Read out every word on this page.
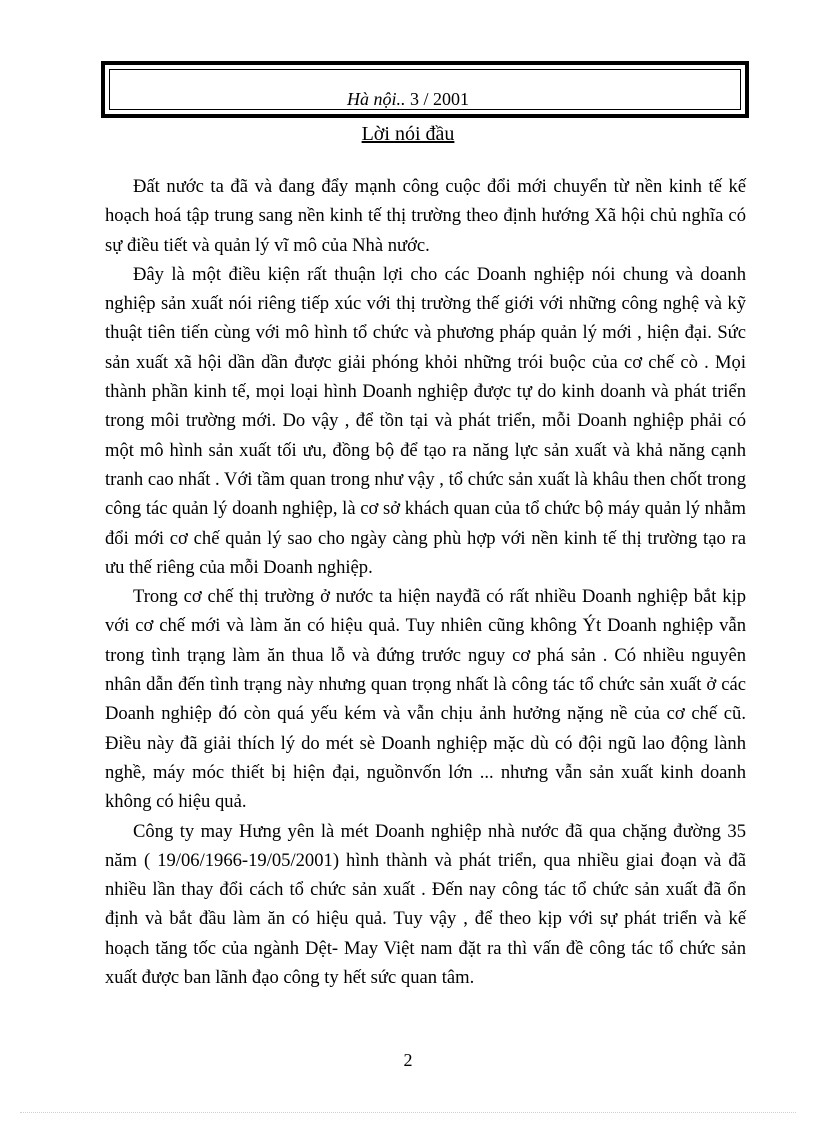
Hà nội.. 3 / 2001
Lời nói đầu

Đất nước ta đã và đang đẩy mạnh công cuộc đổi mới chuyển từ nền kinh tế kế hoạch hoá tập trung sang nền kinh tế thị trường theo định hướng Xã hội chủ nghĩa có sự điều tiết và quản lý vĩ mô của Nhà nước.

Đây là một điều kiện rất thuận lợi cho các Doanh nghiệp nói chung và doanh nghiệp sản xuất nói riêng tiếp xúc với thị trường thế giới với những công nghệ và kỹ thuật tiên tiến cùng với mô hình tổ chức và phương pháp quản lý mới , hiện đại. Sức sản xuất xã hội dần dần được giải phóng khỏi những trói buộc của cơ chế cò . Mọi thành phần kinh tế, mọi loại hình Doanh nghiệp được tự do kinh doanh và phát triển trong môi trường mới. Do vậy , để tồn tại và phát triển, mỗi Doanh nghiệp phải có một mô hình sản xuất tối ưu, đồng bộ để tạo ra năng lực sản xuất và khả năng cạnh tranh cao nhất . Với tầm quan trong như vậy , tổ chức sản xuất là khâu then chốt trong công tác quản lý doanh nghiệp, là cơ sở khách quan của tổ chức bộ máy quản lý nhằm đổi mới cơ chế quản lý sao cho ngày càng phù hợp với nền kinh tế thị trường tạo ra ưu thế riêng của mỗi Doanh nghiệp.

Trong cơ chế thị trường ở nước ta hiện nayđã có rất nhiều Doanh nghiệp bắt kịp với cơ chế mới và làm ăn có hiệu quả. Tuy nhiên cũng không Ýt Doanh nghiệp vẫn trong tình trạng làm ăn thua lỗ và đứng trước nguy cơ phá sản . Có nhiều nguyên nhân dẫn đến tình trạng này nhưng quan trọng nhất là công tác tổ chức sản xuất ở các Doanh nghiệp đó còn quá yếu kém và vẫn chịu ảnh hưởng nặng nề của cơ chế cũ. Điều này đã giải thích lý do mét sè Doanh nghiệp mặc dù có đội ngũ lao động lành nghề, máy móc thiết bị hiện đại, nguồnvốn lớn ... nhưng vẫn sản xuất kinh doanh không có hiệu quả.

Công ty may Hưng yên là mét Doanh nghiệp nhà nước đã qua chặng đường 35 năm ( 19/06/1966-19/05/2001) hình thành và phát triển, qua nhiều giai đoạn và đã nhiều lần thay đổi cách tổ chức sản xuất . Đến nay công tác tổ chức sản xuất đã ổn định và bắt đầu làm ăn có hiệu quả. Tuy vậy , để theo kịp với sự phát triển và kế hoạch tăng tốc của ngành Dệt- May Việt nam đặt ra thì vấn đề công tác tổ chức sản xuất được ban lãnh đạo công ty hết sức quan tâm.

2
